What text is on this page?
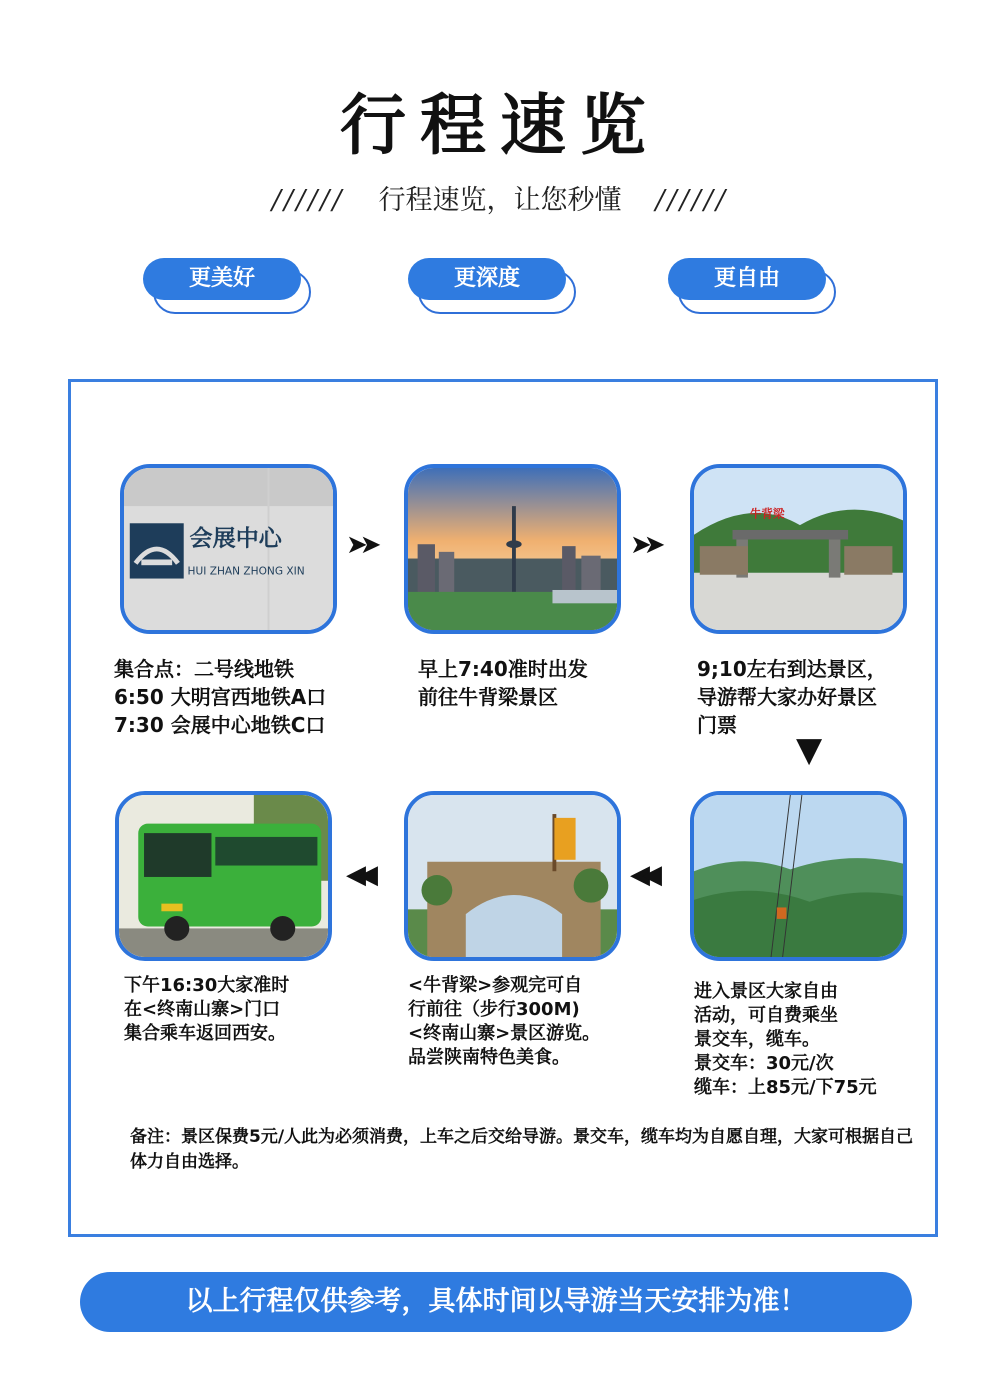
行程速览
////// 行程速览，让您秒懂 //////
更美好	更深度	更自由
会展中心
HUI ZHAN ZHONG XIN
牛背梁
➤➤	➤➤
▼
◀◀
◀◀
集合点：二号线地铁
6:50 大明宫西地铁A口
7:30 会展中心地铁C口
早上7:40准时出发
前往牛背梁景区
9;10左右到达景区，
导游帮大家办好景区
门票
进入景区大家自由
活动，可自费乘坐
景交车，缆车。
景交车：30元/次
缆车：上85元/下75元
<牛背梁>参观完可自
行前往（步行300M)
<终南山寨>景区游览。
品尝陕南特色美食。
下午16:30大家准时
在<终南山寨>门口
集合乘车返回西安。
备注：景区保费5元/人此为必须消费，上车之后交给导游。景交车，缆车均为自愿自理，大家可根据自己体力自由选择。
以上行程仅供参考，具体时间以导游当天安排为准！
